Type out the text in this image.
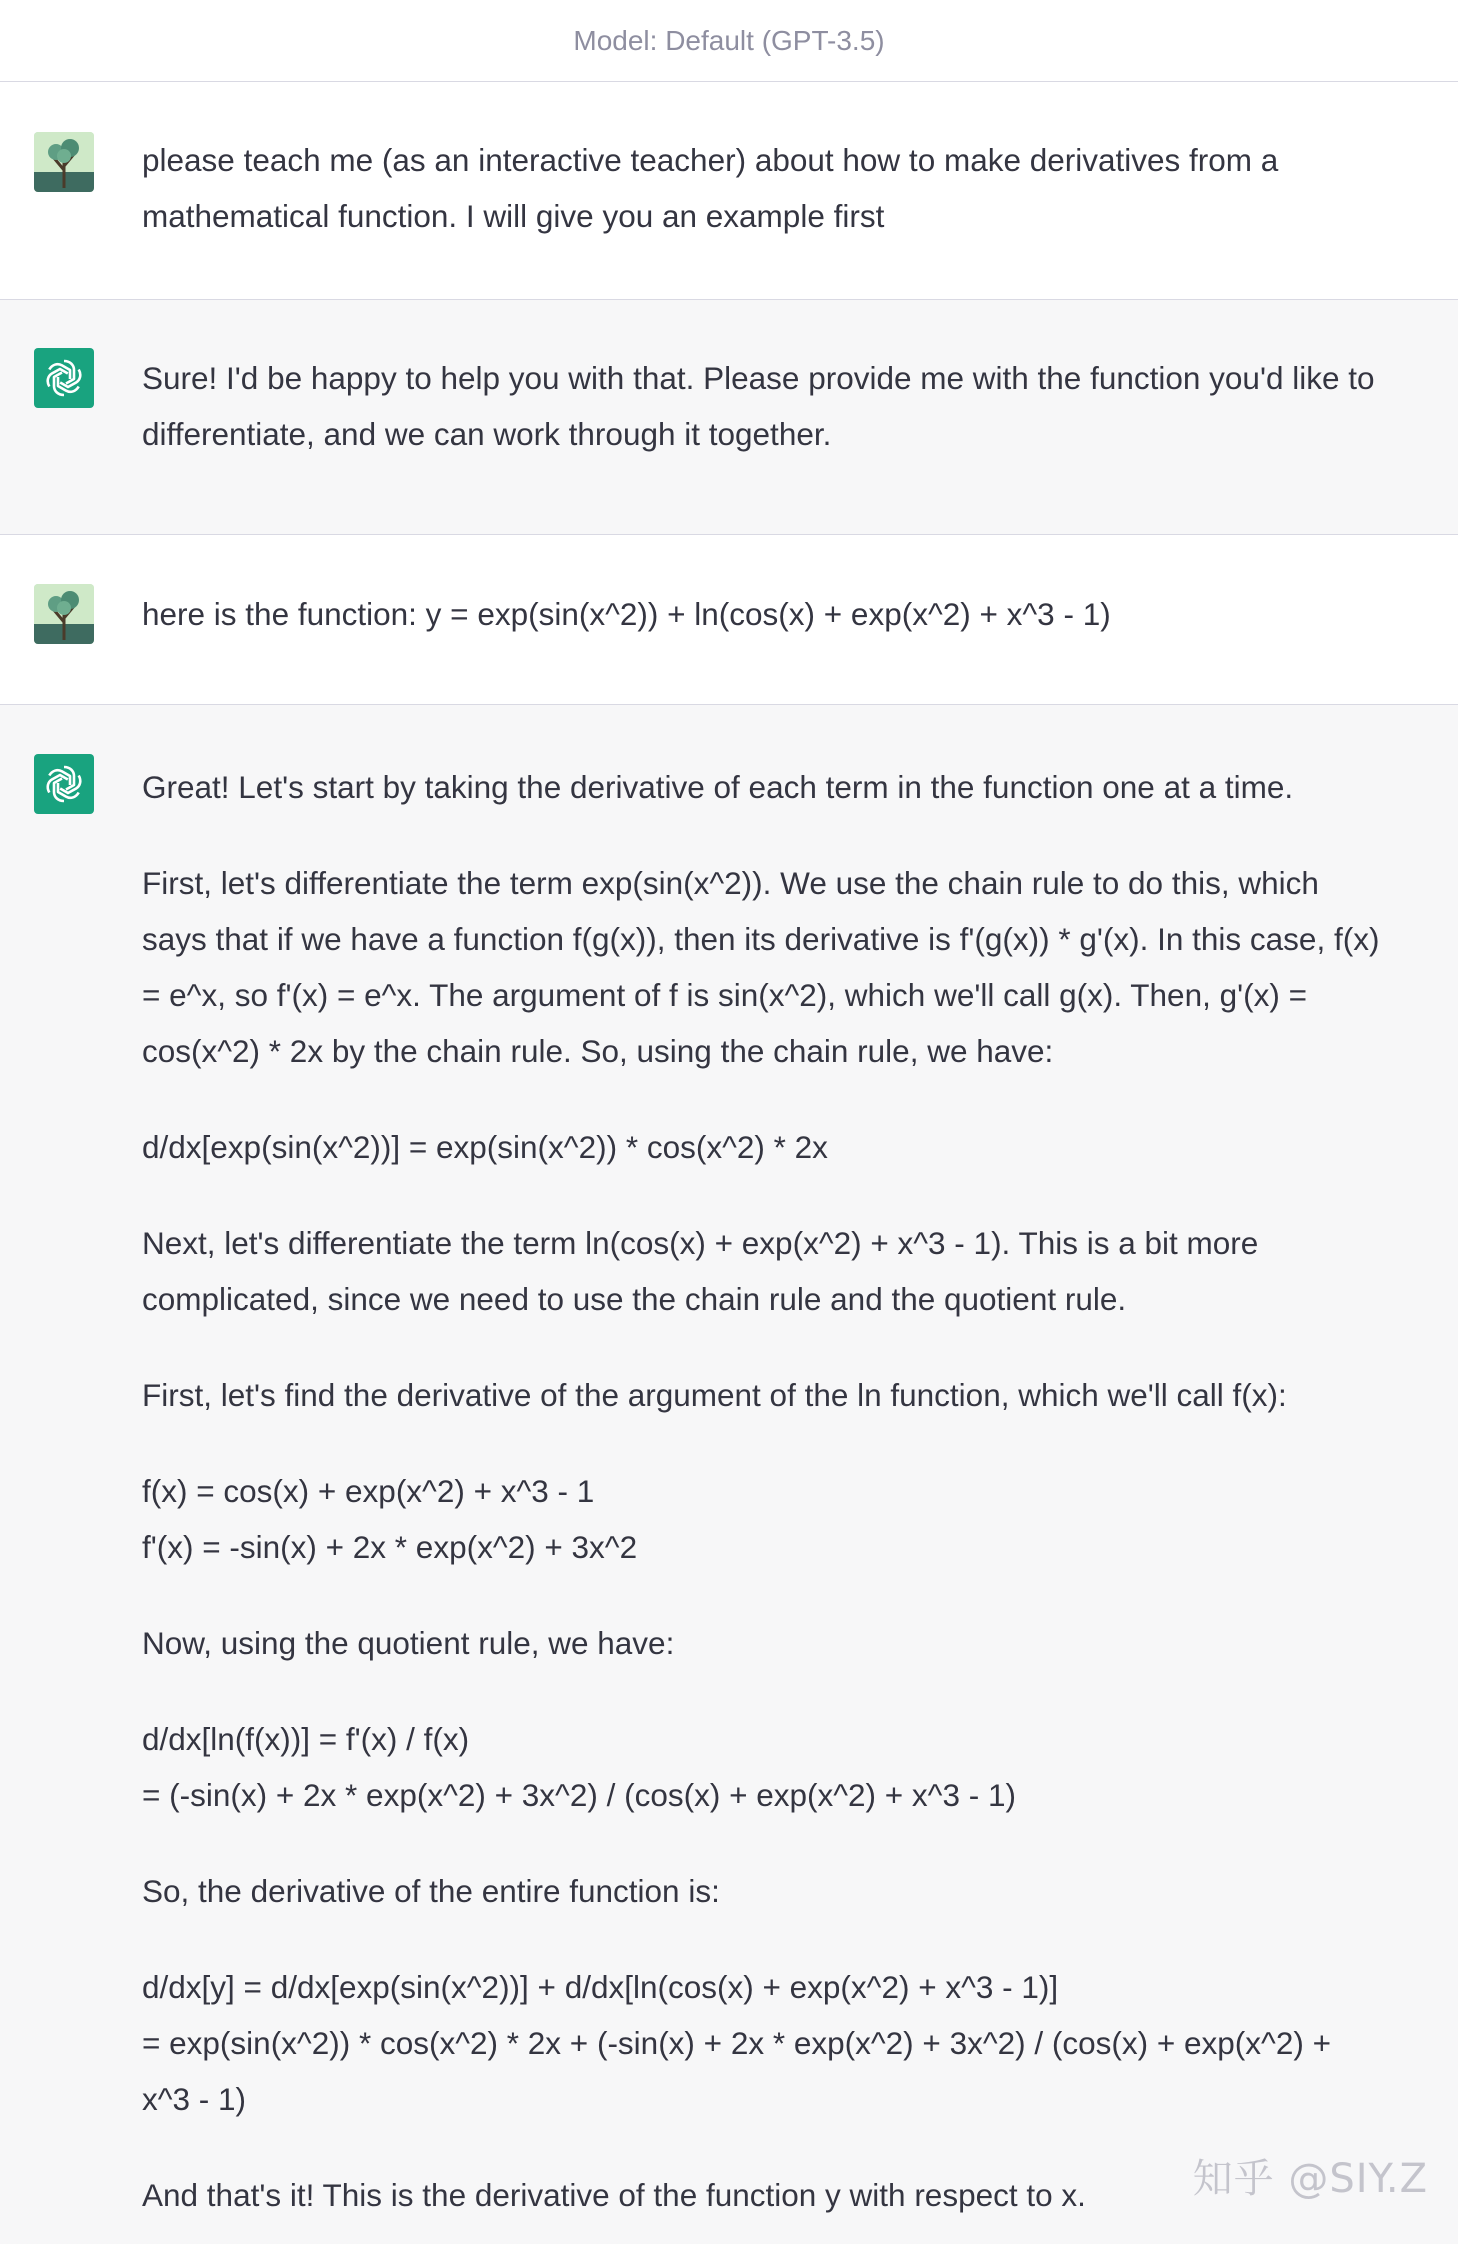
Model: Default (GPT-3.5)

please teach me (as an interactive teacher) about how to make derivatives from a

mathematical function. I will give you an example first

Sure! I'd be happy to help you with that. Please provide me with the function you'd like to

differentiate, and we can work through it together.

here is the function: y = exp(sin(x^2)) + ln(cos(x) + exp(x^2) + x^3 - 1)

Great! Let's start by taking the derivative of each term in the function one at a time.

First, let's differentiate the term exp(sin(x^2)). We use the chain rule to do this, which

says that if we have a function f(g(x)), then its derivative is f'(g(x)) * g'(x). In this case, f(x)

= e^x, so f'(x) = e^x. The argument of f is sin(x^2), which we'll call g(x). Then, g'(x) =

cos(x^2) * 2x by the chain rule. So, using the chain rule, we have:

d/dx[exp(sin(x^2))] = exp(sin(x^2)) * cos(x^2) * 2x

Next, let's differentiate the term ln(cos(x) + exp(x^2) + x^3 - 1). This is a bit more

complicated, since we need to use the chain rule and the quotient rule.

First, let's find the derivative of the argument of the ln function, which we'll call f(x):

f(x) = cos(x) + exp(x^2) + x^3 - 1

f'(x) = -sin(x) + 2x * exp(x^2) + 3x^2

Now, using the quotient rule, we have:

d/dx[ln(f(x))] = f'(x) / f(x)

= (-sin(x) + 2x * exp(x^2) + 3x^2) / (cos(x) + exp(x^2) + x^3 - 1)

So, the derivative of the entire function is:

d/dx[y] = d/dx[exp(sin(x^2))] + d/dx[ln(cos(x) + exp(x^2) + x^3 - 1)]

= exp(sin(x^2)) * cos(x^2) * 2x + (-sin(x) + 2x * exp(x^2) + 3x^2) / (cos(x) + exp(x^2) +

x^3 - 1)

And that's it! This is the derivative of the function y with respect to x.	知乎 @SIY.Z
